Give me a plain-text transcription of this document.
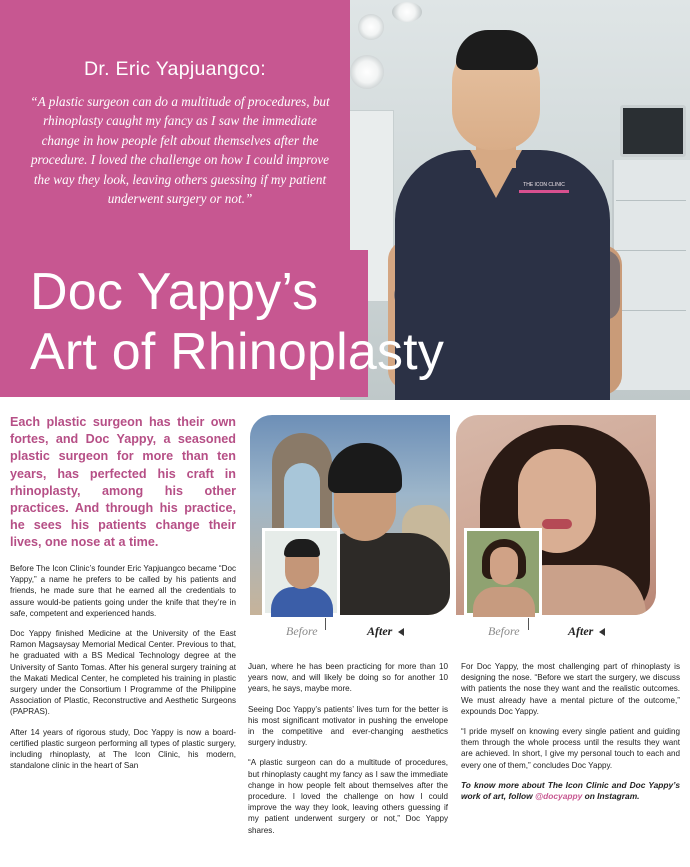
THE ICON CLINIC
Dr. Eric Yapjuangco:
“A plastic surgeon can do a multitude of procedures, but rhinoplasty caught my fancy as I saw the immediate change in how people felt about themselves after the procedure. I loved the challenge on how I could improve the way they look, leaving others guessing if my patient underwent surgery or not.”
Doc Yappy’s
Art of Rhinoplasty
Each plastic surgeon has their own fortes, and Doc Yappy, a seasoned plastic surgeon for more than ten years, has perfected his craft in rhinoplasty, among his other practices. And through his practice, he sees his patients change their lives, one nose at a time.
Before	After	Before	After

Before The Icon Clinic’s founder Eric Yapjuangco became “Doc Yappy,” a name he prefers to be called by his patients and friends, he made sure that he earned all the credentials to assure would-be patients going under the knife that they’re in safe, competent and experienced hands.

Doc Yappy finished Medicine at the University of the East Ramon Magsaysay Memorial Medical Center. Previous to that, he graduated with a BS Medical Technology degree at the University of Santo Tomas. After his general surgery training at the Makati Medical Center, he completed his training in plastic surgery under the Consortium I Programme of the Philippine Association of Plastic, Reconstructive and Aesthetic Surgeons (PAPRAS).

After 14 years of rigorous study, Doc Yappy is now a board-certified plastic surgeon performing all types of plastic surgery, including rhinoplasty, at The Icon Clinic, his modern, standalone clinic in the heart of San

Juan, where he has been practicing for more than 10 years now, and will likely be doing so for another 10 years, he says, maybe more.

Seeing Doc Yappy’s patients’ lives turn for the better is his most significant motivator in pushing the envelope in the competitive and ever-changing aesthetics surgery industry.

“A plastic surgeon can do a multitude of procedures, but rhinoplasty caught my fancy as I saw the immediate change in how people felt about themselves after the procedure. I loved the challenge on how I could improve the way they look, leaving others guessing if my patient underwent surgery or not,” Doc Yappy shares.

For Doc Yappy, the most challenging part of rhinoplasty is designing the nose. “Before we start the surgery, we discuss with patients the nose they want and the realistic outcomes. We must already have a mental picture of the outcome,” expounds Doc Yappy.

“I pride myself on knowing every single patient and guiding them through the whole process until the results they want are achieved. In short, I give my personal touch to each and every one of them,” concludes Doc Yappy.

To know more about The Icon Clinic and Doc Yappy’s work of art, follow @docyappy on Instagram.
